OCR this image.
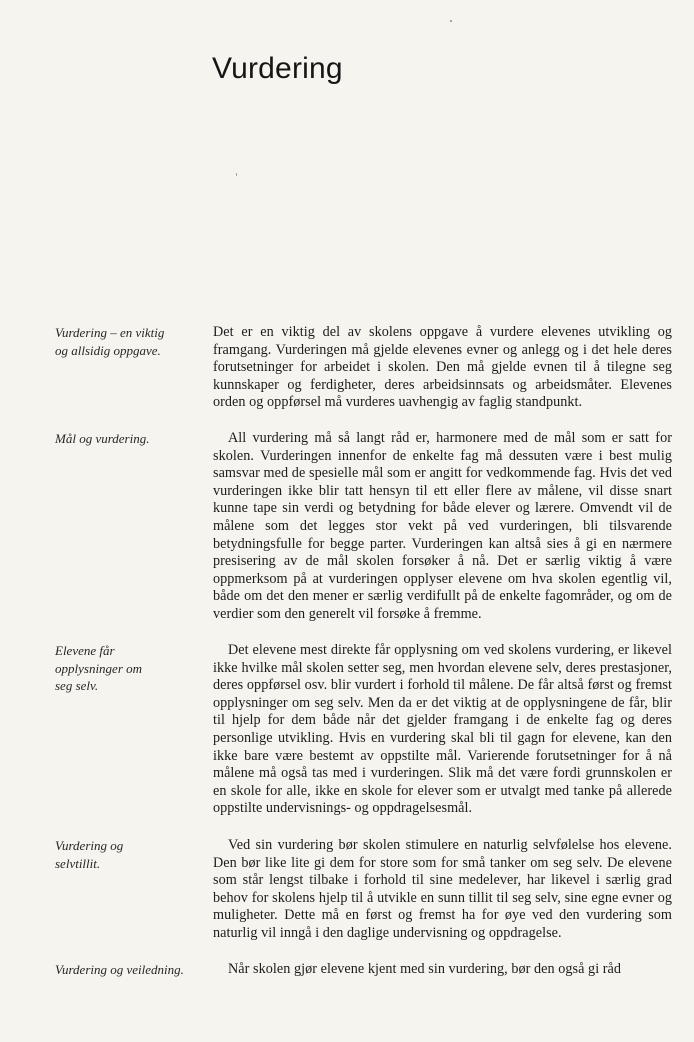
Vurdering
Vurdering – en viktig
og allsidig oppgave.

Det er en viktig del av skolens oppgave å vurdere elevenes utvikling og framgang. Vurderingen må gjelde elevenes evner og anlegg og i det hele deres forutsetninger for arbeidet i skolen. Den må gjelde evnen til å tilegne seg kunnskaper og ferdigheter, deres arbeidsinnsats og arbeidsmåter. Elevenes orden og oppførsel må vurderes uavhengig av faglig standpunkt.

Mål og vurdering.	All vurdering må så langt råd er, harmonere med de mål som er satt for skolen. Vurderingen innenfor de enkelte fag må dessuten være i best mulig samsvar med de spesielle mål som er angitt for vedkommende fag. Hvis det ved vurderingen ikke blir tatt hensyn til ett eller flere av målene, vil disse snart kunne tape sin verdi og betydning for både elever og lærere. Omvendt vil de målene som det legges stor vekt på ved vurderingen, bli tilsvarende betydningsfulle for begge parter. Vurderingen kan altså sies å gi en nærmere presisering av de mål skolen forsøker å nå. Det er særlig viktig å være oppmerksom på at vurderingen opplyser elevene om hva skolen egentlig vil, både om det den mener er særlig verdifullt på de enkelte fagområder, og om de verdier som den generelt vil forsøke å fremme.

Elevene får
opplysninger om
seg selv.

Det elevene mest direkte får opplysning om ved skolens vurdering, er likevel ikke hvilke mål skolen setter seg, men hvordan elevene selv, deres prestasjoner, deres oppførsel osv. blir vurdert i forhold til målene. De får altså først og fremst opplysninger om seg selv. Men da er det viktig at de opplysningene de får, blir til hjelp for dem både når det gjelder framgang i de enkelte fag og deres personlige utvikling. Hvis en vurdering skal bli til gagn for elevene, kan den ikke bare være bestemt av oppstilte mål. Varierende forutsetninger for å nå målene må også tas med i vurderingen. Slik må det være fordi grunnskolen er en skole for alle, ikke en skole for elever som er utvalgt med tanke på allerede oppstilte undervisnings- og oppdragelsesmål.

Vurdering og
selvtillit.

Ved sin vurdering bør skolen stimulere en naturlig selvfølelse hos elevene. Den bør like lite gi dem for store som for små tanker om seg selv. De elevene som står lengst tilbake i forhold til sine medelever, har likevel i særlig grad behov for skolens hjelp til å utvikle en sunn tillit til seg selv, sine egne evner og muligheter. Dette må en først og fremst ha for øye ved den vurdering som naturlig vil inngå i den daglige undervisning og oppdragelse.

Vurdering og veiledning.	Når skolen gjør elevene kjent med sin vurdering, bør den også gi råd
